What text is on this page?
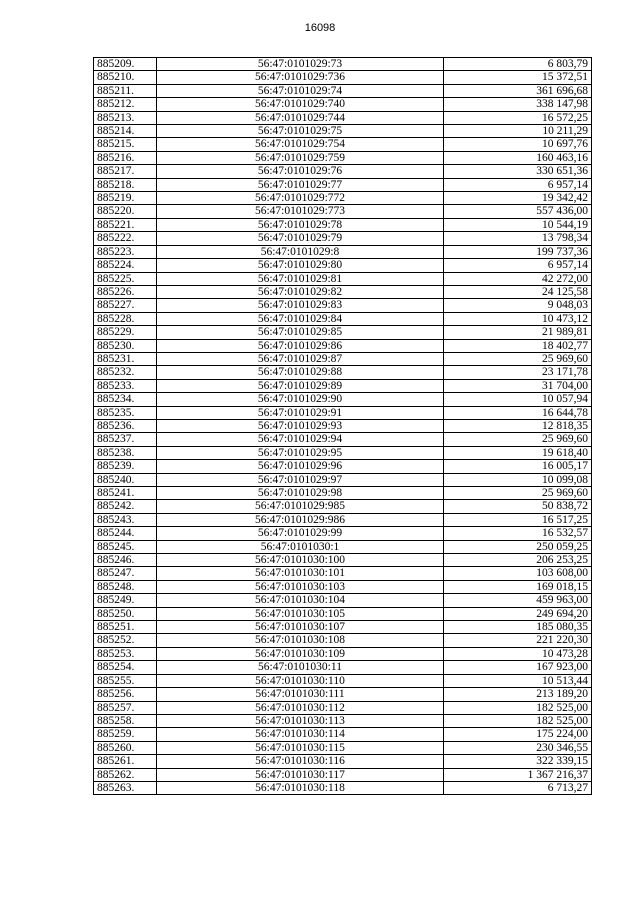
16098
885209.	56:47:0101029:73	6 803,79
885210.	56:47:0101029:736	15 372,51
885211.	56:47:0101029:74	361 696,68
885212.	56:47:0101029:740	338 147,98
885213.	56:47:0101029:744	16 572,25
885214.	56:47:0101029:75	10 211,29
885215.	56:47:0101029:754	10 697,76
885216.	56:47:0101029:759	160 463,16
885217.	56:47:0101029:76	330 651,36
885218.	56:47:0101029:77	6 957,14
885219.	56:47:0101029:772	19 342,42
885220.	56:47:0101029:773	557 436,00
885221.	56:47:0101029:78	10 544,19
885222.	56:47:0101029:79	13 798,34
885223.	56:47:0101029:8	199 737,36
885224.	56:47:0101029:80	6 957,14
885225.	56:47:0101029:81	42 272,00
885226.	56:47:0101029:82	24 125,58
885227.	56:47:0101029:83	9 048,03
885228.	56:47:0101029:84	10 473,12
885229.	56:47:0101029:85	21 989,81
885230.	56:47:0101029:86	18 402,77
885231.	56:47:0101029:87	25 969,60
885232.	56:47:0101029:88	23 171,78
885233.	56:47:0101029:89	31 704,00
885234.	56:47:0101029:90	10 057,94
885235.	56:47:0101029:91	16 644,78
885236.	56:47:0101029:93	12 818,35
885237.	56:47:0101029:94	25 969,60
885238.	56:47:0101029:95	19 618,40
885239.	56:47:0101029:96	16 005,17
885240.	56:47:0101029:97	10 099,08
885241.	56:47:0101029:98	25 969,60
885242.	56:47:0101029:985	50 838,72
885243.	56:47:0101029:986	16 517,25
885244.	56:47:0101029:99	16 532,57
885245.	56:47:0101030:1	250 059,25
885246.	56:47:0101030:100	206 253,25
885247.	56:47:0101030:101	103 608,00
885248.	56:47:0101030:103	169 018,15
885249.	56:47:0101030:104	459 963,00
885250.	56:47:0101030:105	249 694,20
885251.	56:47:0101030:107	185 080,35
885252.	56:47:0101030:108	221 220,30
885253.	56:47:0101030:109	10 473,28
885254.	56:47:0101030:11	167 923,00
885255.	56:47:0101030:110	10 513,44
885256.	56:47:0101030:111	213 189,20
885257.	56:47:0101030:112	182 525,00
885258.	56:47:0101030:113	182 525,00
885259.	56:47:0101030:114	175 224,00
885260.	56:47:0101030:115	230 346,55
885261.	56:47:0101030:116	322 339,15
885262.	56:47:0101030:117	1 367 216,37
885263.	56:47:0101030:118	6 713,27
